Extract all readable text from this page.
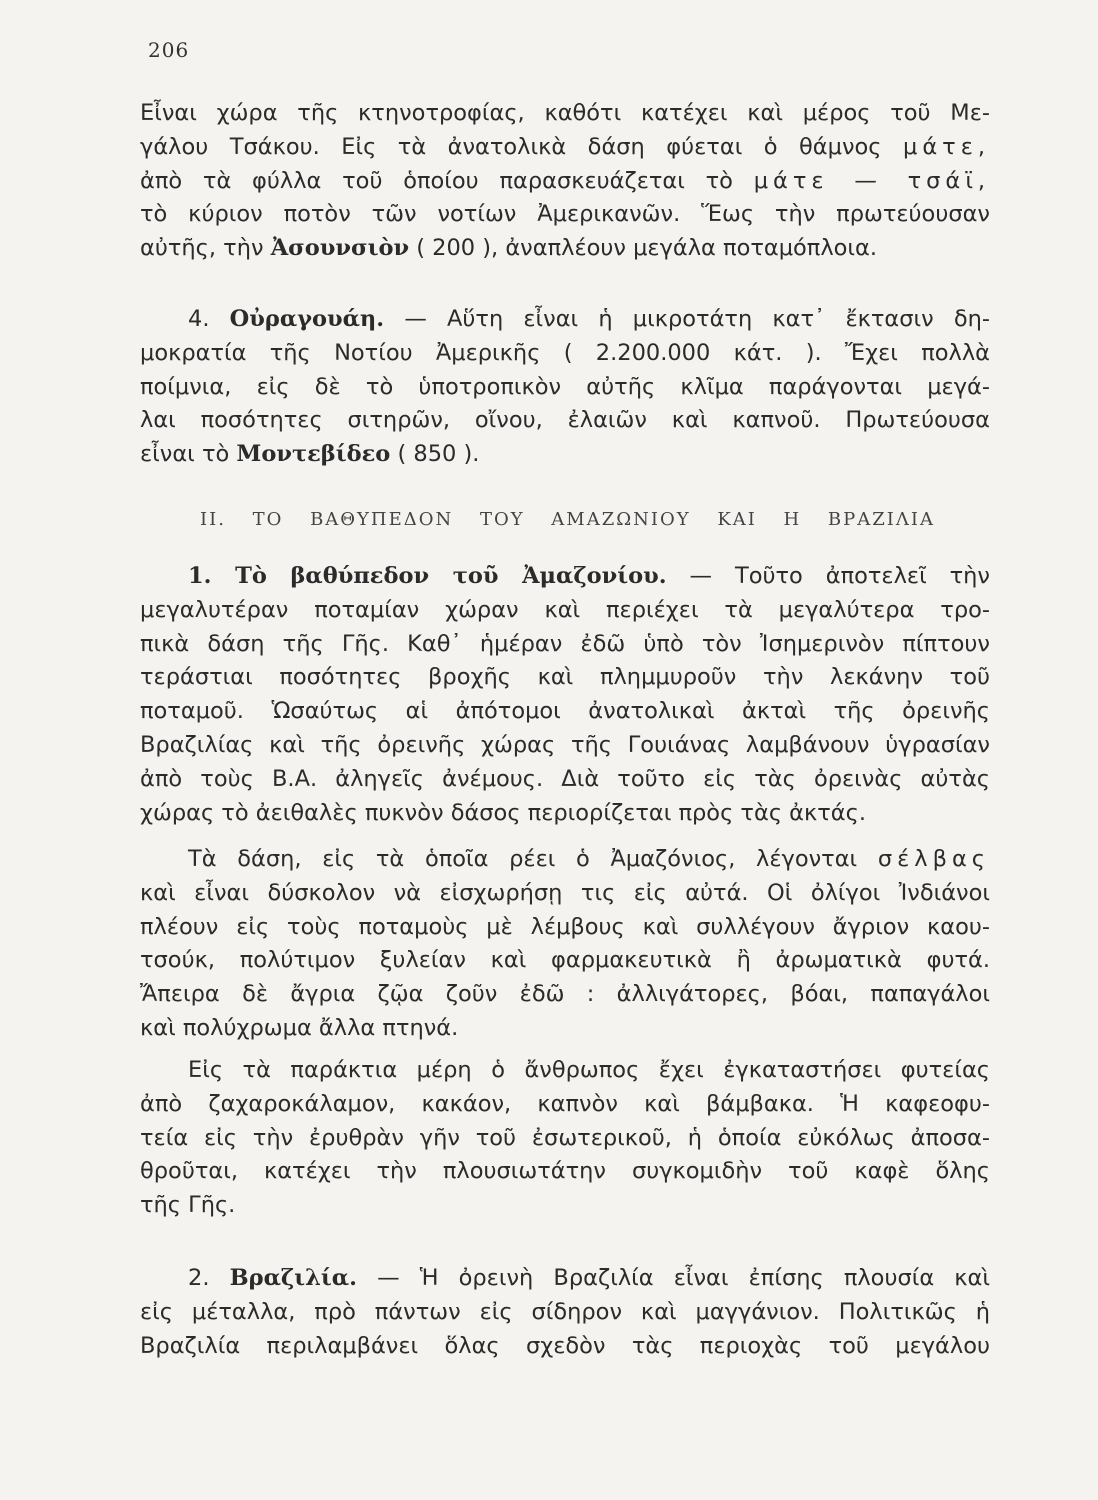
206
Εἶναι χώρα τῆς κτηνοτροφίας, καθότι κατέχει καὶ μέρος τοῦ Με-
γάλου Τσάκου. Εἰς τὰ ἀνατολικὰ δάση φύεται ὁ θάμνος μάτε,
ἀπὸ τὰ φύλλα τοῦ ὁποίου παρασκευάζεται τὸ μάτε — τσάϊ,
τὸ κύριον ποτὸν τῶν νοτίων Ἀμερικανῶν. Ἕως τὴν πρωτεύουσαν
αὐτῆς, τὴν Ἀσουνσιὸν ( 200 ), ἀναπλέουν μεγάλα ποταμόπλοια.
4. Οὐραγουάη. — Αὕτη εἶναι ἡ μικροτάτη κατ᾽ ἔκτασιν δη-
μοκρατία τῆς Νοτίου Ἀμερικῆς ( 2.200.000 κάτ. ). Ἔχει πολλὰ
ποίμνια, εἰς δὲ τὸ ὑποτροπικὸν αὐτῆς κλῖμα παράγονται μεγά-
λαι ποσότητες σιτηρῶν, οἴνου, ἐλαιῶν καὶ καπνοῦ. Πρωτεύουσα
εἶναι τὸ Μοντεβίδεο ( 850 ).
ΙΙ. ΤΟ ΒΑΘΥΠΕΔΟΝ ΤΟΥ ΑΜΑΖΩΝΙΟΥ ΚΑΙ Η ΒΡΑΖΙΛΙΑ
1. Τὸ βαθύπεδον τοῦ Ἀμαζονίου. — Τοῦτο ἀποτελεῖ τὴν
μεγαλυτέραν ποταμίαν χώραν καὶ περιέχει τὰ μεγαλύτερα τρο-
πικὰ δάση τῆς Γῆς. Καθ᾽ ἡμέραν ἐδῶ ὑπὸ τὸν Ἰσημερινὸν πίπτουν
τεράστιαι ποσότητες βροχῆς καὶ πλημμυροῦν τὴν λεκάνην τοῦ
ποταμοῦ. Ὡσαύτως αἱ ἀπότομοι ἀνατολικαὶ ἀκταὶ τῆς ὀρεινῆς
Βραζιλίας καὶ τῆς ὀρεινῆς χώρας τῆς Γουιάνας λαμβάνουν ὑγρασίαν
ἀπὸ τοὺς Β.Α. ἀληγεῖς ἀνέμους. Διὰ τοῦτο εἰς τὰς ὀρεινὰς αὐτὰς
χώρας τὸ ἀειθαλὲς πυκνὸν δάσος περιορίζεται πρὸς τὰς ἀκτάς.
Τὰ δάση, εἰς τὰ ὁποῖα ρέει ὁ Ἀμαζόνιος, λέγονται σέλβας
καὶ εἶναι δύσκολον νὰ εἰσχωρήσῃ τις εἰς αὐτά. Οἱ ὀλίγοι Ἰνδιάνοι
πλέουν εἰς τοὺς ποταμοὺς μὲ λέμβους καὶ συλλέγουν ἄγριον καου-
τσούκ, πολύτιμον ξυλείαν καὶ φαρμακευτικὰ ἢ ἀρωματικὰ φυτά.
Ἄπειρα δὲ ἄγρια ζῷα ζοῦν ἐδῶ : ἀλλιγάτορες, βόαι, παπαγάλοι
καὶ πολύχρωμα ἄλλα πτηνά.
Εἰς τὰ παράκτια μέρη ὁ ἄνθρωπος ἔχει ἐγκαταστήσει φυτείας
ἀπὸ ζαχαροκάλαμον, κακάον, καπνὸν καὶ βάμβακα. Ἡ καφεοφυ-
τεία εἰς τὴν ἐρυθρὰν γῆν τοῦ ἐσωτερικοῦ, ἡ ὁποία εὐκόλως ἀποσα-
θροῦται, κατέχει τὴν πλουσιωτάτην συγκομιδὴν τοῦ καφὲ ὅλης
τῆς Γῆς.
2. Βραζιλία. — Ἡ ὀρεινὴ Βραζιλία εἶναι ἐπίσης πλουσία καὶ
εἰς μέταλλα, πρὸ πάντων εἰς σίδηρον καὶ μαγγάνιον. Πολιτικῶς ἡ
Βραζιλία περιλαμβάνει ὅλας σχεδὸν τὰς περιοχὰς τοῦ μεγάλου
